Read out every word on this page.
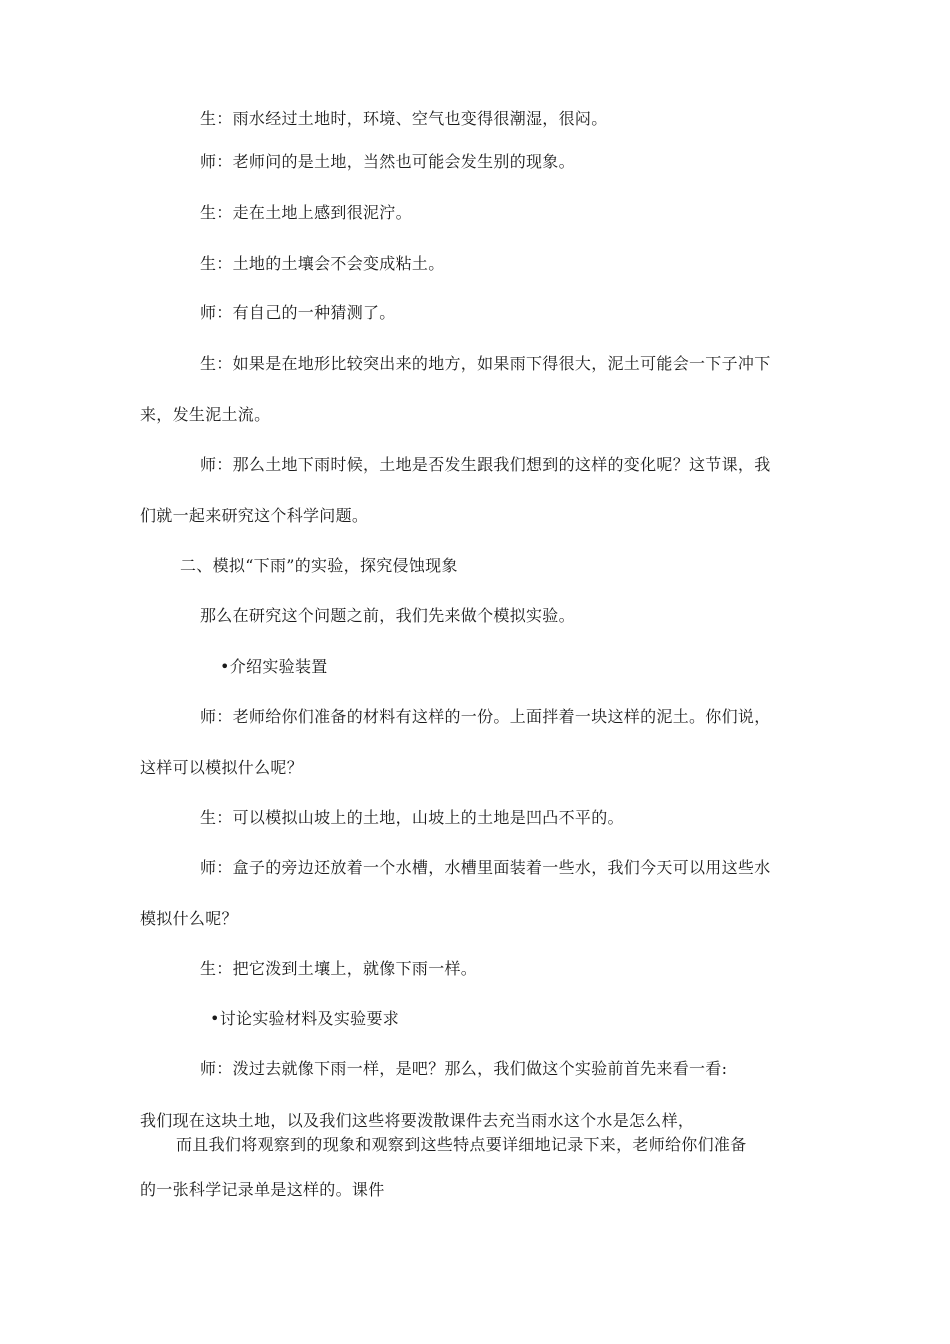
生：雨水经过土地时，环境、空气也变得很潮湿，很闷。
师：老师问的是土地，当然也可能会发生别的现象。
生：走在土地上感到很泥泞。
生：土地的土壤会不会变成粘土。
师：有自己的一种猜测了。
生：如果是在地形比较突出来的地方，如果雨下得很大，泥土可能会一下子冲下
来，发生泥土流。
师：那么土地下雨时候，土地是否发生跟我们想到的这样的变化呢？这节课，我
们就一起来研究这个科学问题。
二、模拟“下雨”的实验，探究侵蚀现象
那么在研究这个问题之前，我们先来做个模拟实验。
•介绍实验装置
师：老师给你们准备的材料有这样的一份。上面拌着一块这样的泥土。你们说，
这样可以模拟什么呢？
生：可以模拟山坡上的土地，山坡上的土地是凹凸不平的。
师：盒子的旁边还放着一个水槽，水槽里面装着一些水，我们今天可以用这些水
模拟什么呢？
生：把它泼到土壤上，就像下雨一样。
•讨论实验材料及实验要求
师：泼过去就像下雨一样，是吧？那么，我们做这个实验前首先来看一看:
我们现在这块土地，以及我们这些将要泼散课件去充当雨水这个水是怎么样，
而且我们将观察到的现象和观察到这些特点要详细地记录下来，老师给你们准备
的一张科学记录单是这样的。课件
